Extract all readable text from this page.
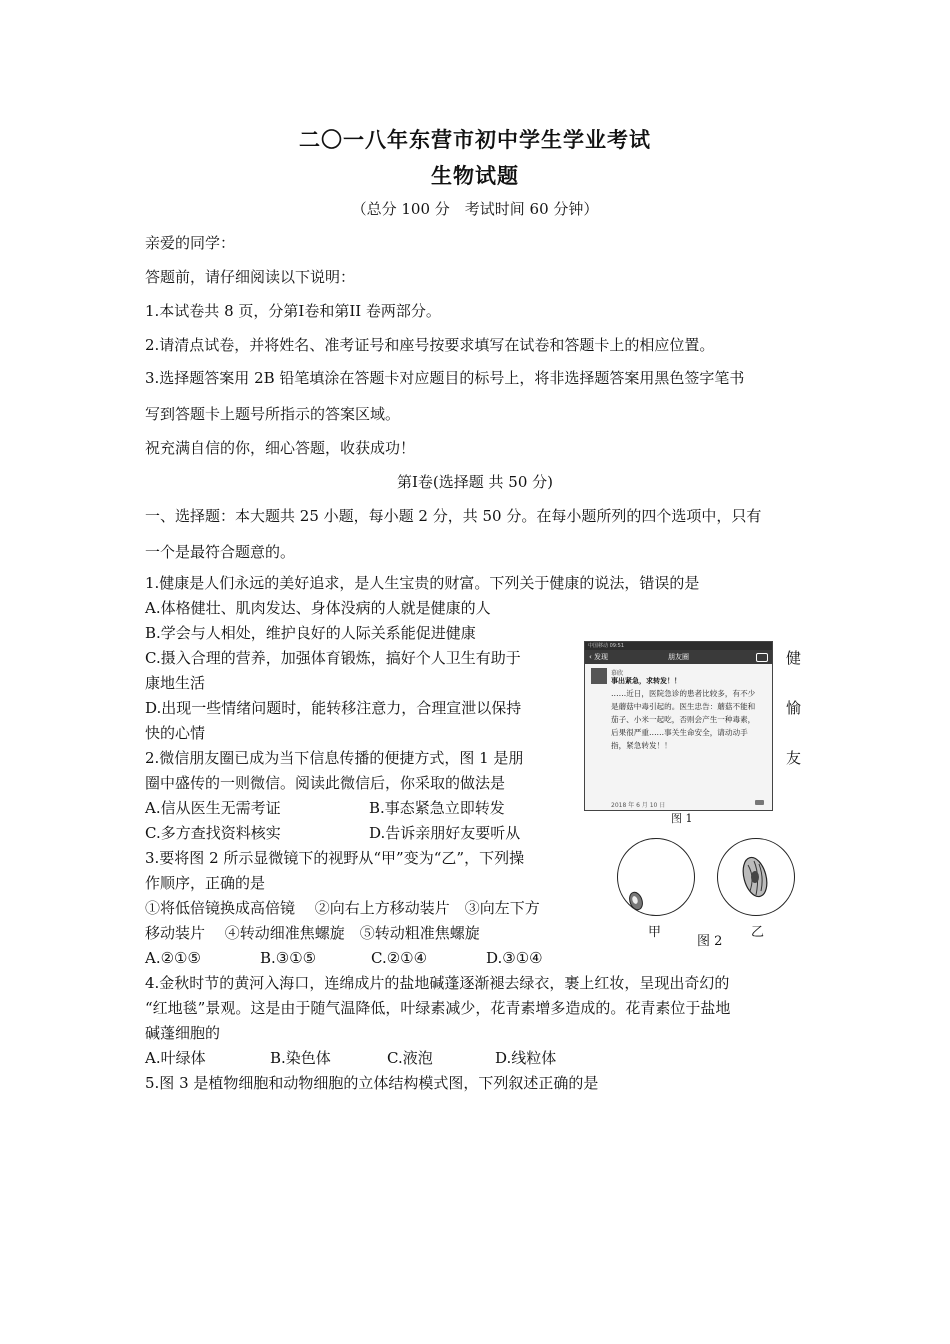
二〇一八年东营市初中学生学业考试
生物试题
（总分 100 分　考试时间 60 分钟）
亲爱的同学：
答题前，请仔细阅读以下说明：
1.本试卷共 8 页，分第Ⅰ卷和第ⅠI 卷两部分。
2.请清点试卷，并将姓名、准考证号和座号按要求填写在试卷和答题卡上的相应位置。
3.选择题答案用 2B 铅笔填涂在答题卡对应题目的标号上，将非选择题答案用黑色签字笔书
写到答题卡上题号所指示的答案区域。
祝充满自信的你，细心答题，收获成功！
第Ⅰ卷(选择题 共 50 分)
一、选择题：本大题共 25 小题，每小题 2 分，共 50 分。在每小题所列的四个选项中，只有
一个是最符合题意的。
1.健康是人们永远的美好追求，是人生宝贵的财富。下列关于健康的说法，错误的是
A.体格健壮、肌肉发达、身体没病的人就是健康的人
B.学会与人相处，维护良好的人际关系能促进健康
C.摄入合理的营养，加强体育锻炼，搞好个人卫生有助于	健
康地生活
D.出现一些情绪问题时，能转移注意力，合理宣泄以保持	愉
快的心情
2.微信朋友圈已成为当下信息传播的便捷方式，图 1 是朋	友
圈中盛传的一则微信。阅读此微信后，你采取的做法是
A.信从医生无需考证	B.事态紧急立即转发
C.多方查找资料核实	D.告诉亲朋好友要听从
中国移动 09:51
‹ 发现	朋友圈
慕欣
事出紧急，求转发！！
……近日，医院急诊的患者比较多，有不少是蘑菇中毒引起的。医生忠告：蘑菇不能和茄子、小米一起吃，否则会产生一种毒素，后果很严重……事关生命安全，请动动手指，紧急转发！！
2018 年 6 月 10 日
图 1
3.要将图 2 所示显微镜下的视野从“甲”变为“乙”，下列操
作顺序，正确的是
①将低倍镜换成高倍镜　 ②向右上方移动装片　③向左下方
移动装片　 ④转动细准焦螺旋　⑤转动粗准焦螺旋
A.②①⑤	B.③①⑤	C.②①④	D.③①④
甲
图 2
乙
4.金秋时节的黄河入海口，连绵成片的盐地碱蓬逐渐褪去绿衣，裹上红妆，呈现出奇幻的
“红地毯”景观。这是由于随气温降低，叶绿素减少，花青素增多造成的。花青素位于盐地
碱蓬细胞的
A.叶绿体	B.染色体	C.液泡	D.线粒体
5.图 3 是植物细胞和动物细胞的立体结构模式图，下列叙述正确的是
